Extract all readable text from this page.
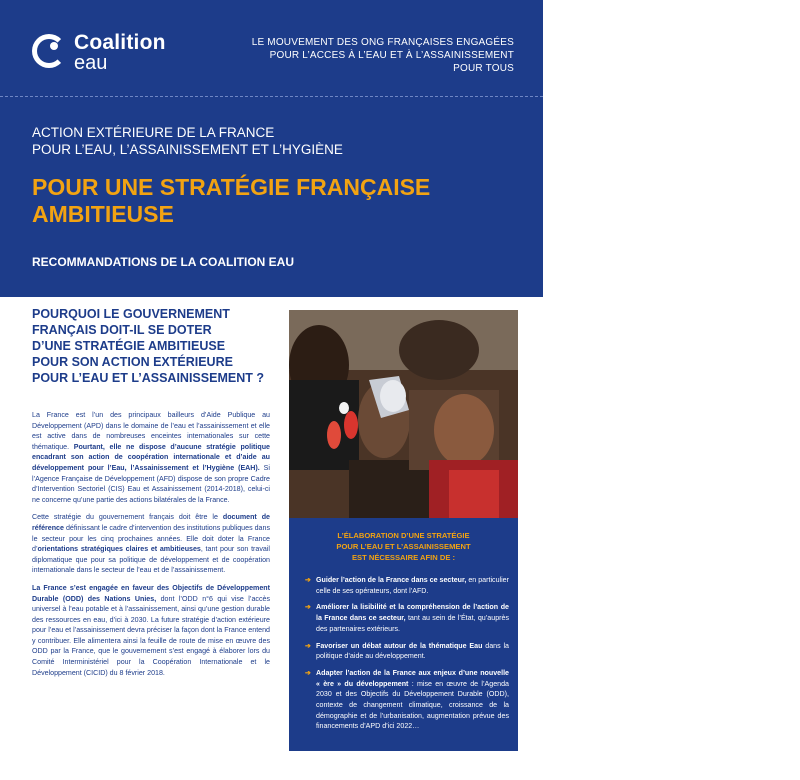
Coalition
eau
LE MOUVEMENT DES ONG FRANÇAISES ENGAGÉES
POUR L’ACCES À L’EAU ET À L’ASSAINISSEMENT
POUR TOUS
ACTION EXTÉRIEURE DE LA FRANCE
POUR L’EAU, L’ASSAINISSEMENT ET L’HYGIÈNE
POUR UNE STRATÉGIE FRANÇAISE
AMBITIEUSE
RECOMMANDATIONS DE LA COALITION EAU
POURQUOI LE GOUVERNEMENT
FRANÇAIS DOIT-IL SE DOTER
D’UNE STRATÉGIE AMBITIEUSE
POUR SON ACTION EXTÉRIEURE
POUR L’EAU ET L’ASSAINISSEMENT ?

La France est l’un des principaux bailleurs d’Aide Publique au Développement (APD) dans le domaine de l’eau et l’assainissement et elle est active dans de nombreuses enceintes internationales sur cette thématique. Pourtant, elle ne dispose d’aucune stratégie politique encadrant son action de coopération internationale et d’aide au développement pour l’Eau, l’Assainissement et l’Hygiène (EAH). Si l’Agence Française de Développement (AFD) dispose de son propre Cadre d’Intervention Sectoriel (CIS) Eau et Assainissement (2014-2018), celui-ci ne concerne qu’une partie des actions bilatérales de la France.

Cette stratégie du gouvernement français doit être le document de référence définissant le cadre d’intervention des institutions publiques dans le secteur pour les cinq prochaines années. Elle doit doter la France d’orientations stratégiques claires et ambitieuses, tant pour son travail diplomatique que pour sa politique de développement et de coopération internationale dans le secteur de l’eau et de l’assainissement.

La France s’est engagée en faveur des Objectifs de Développement Durable (ODD) des Nations Unies, dont l’ODD n°6 qui vise l’accès universel à l’eau potable et à l’assainissement, ainsi qu’une gestion durable des ressources en eau, d’ici à 2030. La future stratégie d’action extérieure pour l’eau et l’assainissement devra préciser la façon dont la France entend y contribuer. Elle alimentera ainsi la feuille de route de mise en œuvre des ODD par la France, que le gouvernement s’est engagé à élaborer lors du Comité Interministériel pour la Coopération Internationale et le Développement (CICID) du 8 février 2018.

© Secours Islamique France
L’ÉLABORATION D’UNE STRATÉGIE
POUR L’EAU ET L’ASSAINISSEMENT
EST NÉCESSAIRE AFIN DE :
➔ Guider l’action de la France dans ce secteur, en particulier celle de ses opérateurs, dont l’AFD.
➔ Améliorer la lisibilité et la compréhension de l’action de la France dans ce secteur, tant au sein de l’État, qu’auprès des partenaires extérieurs.
➔ Favoriser un débat autour de la thématique Eau dans la politique d’aide au développement.
➔ Adapter l’action de la France aux enjeux d’une nouvelle « ère » du développement : mise en œuvre de l’Agenda 2030 et des Objectifs du Développement Durable (ODD), contexte de changement climatique, croissance de la démographie et de l’urbanisation, augmentation prévue des financements d’APD d’ici 2022…
